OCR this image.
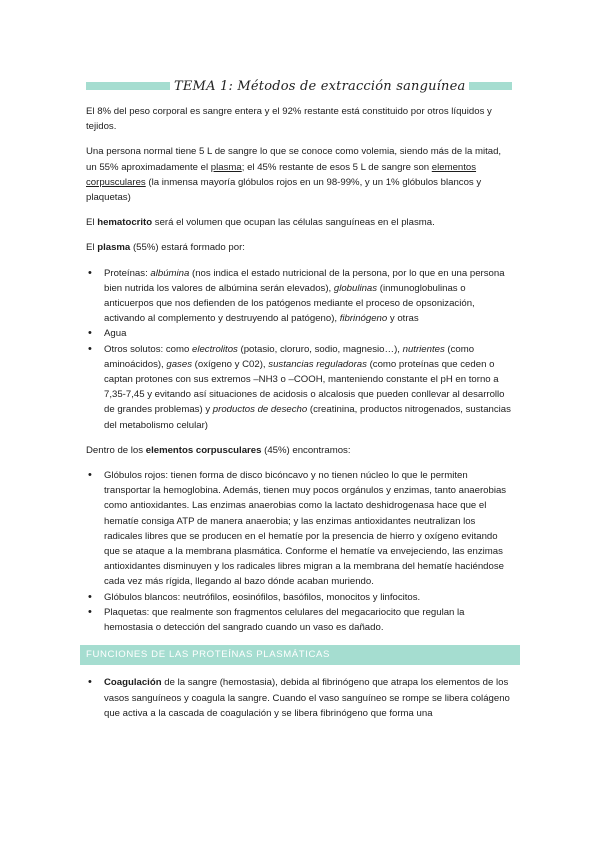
TEMA 1: Métodos de extracción sanguínea

El 8% del peso corporal es sangre entera y el 92% restante está constituido por otros líquidos y tejidos.

Una persona normal tiene 5 L de sangre lo que se conoce como volemia, siendo más de la mitad, un 55% aproximadamente el plasma; el 45% restante de esos 5 L de sangre son elementos corpusculares (la inmensa mayoría glóbulos rojos en un 98-99%, y un 1% glóbulos blancos y plaquetas)

El hematocrito será el volumen que ocupan las células sanguíneas en el plasma.

El plasma (55%) estará formado por:

• Proteínas: albúmina (nos indica el estado nutricional de la persona, por lo que en una persona bien nutrida los valores de albúmina serán elevados), globulinas (inmunoglobulinas o anticuerpos que nos defienden de los patógenos mediante el proceso de opsonización, activando al complemento y destruyendo al patógeno), fibrinógeno y otras
• Agua
• Otros solutos: como electrolitos (potasio, cloruro, sodio, magnesio…), nutrientes (como aminoácidos), gases (oxígeno y C02), sustancias reguladoras (como proteínas que ceden o captan protones con sus extremos –NH3 o –COOH, manteniendo constante el pH en torno a 7,35-7,45 y evitando así situaciones de acidosis o alcalosis que pueden conllevar al desarrollo de grandes problemas) y productos de desecho (creatinina, productos nitrogenados, sustancias del metabolismo celular)

Dentro de los elementos corpusculares (45%) encontramos:

• Glóbulos rojos: tienen forma de disco bicóncavo y no tienen núcleo lo que le permiten transportar la hemoglobina. Además, tienen muy pocos orgánulos y enzimas, tanto anaerobias como antioxidantes. Las enzimas anaerobias como la lactato deshidrogenasa hace que el hematíe consiga ATP de manera anaerobia; y las enzimas antioxidantes neutralizan los radicales libres que se producen en el hematíe por la presencia de hierro y oxígeno evitando que se ataque a la membrana plasmática. Conforme el hematíe va envejeciendo, las enzimas antioxidantes disminuyen y los radicales libres migran a la membrana del hematíe haciéndose cada vez más rígida, llegando al bazo dónde acaban muriendo.
• Glóbulos blancos: neutrófilos, eosinófilos, basófilos, monocitos y linfocitos.
• Plaquetas: que realmente son fragmentos celulares del megacariocito que regulan la hemostasia o detección del sangrado cuando un vaso es dañado.
FUNCIONES DE LAS PROTEÍNAS PLASMÁTICAS
• Coagulación de la sangre (hemostasia), debida al fibrinógeno que atrapa los elementos de los vasos sanguíneos y coagula la sangre. Cuando el vaso sanguíneo se rompe se libera colágeno que activa a la cascada de coagulación y se libera fibrinógeno que forma una
